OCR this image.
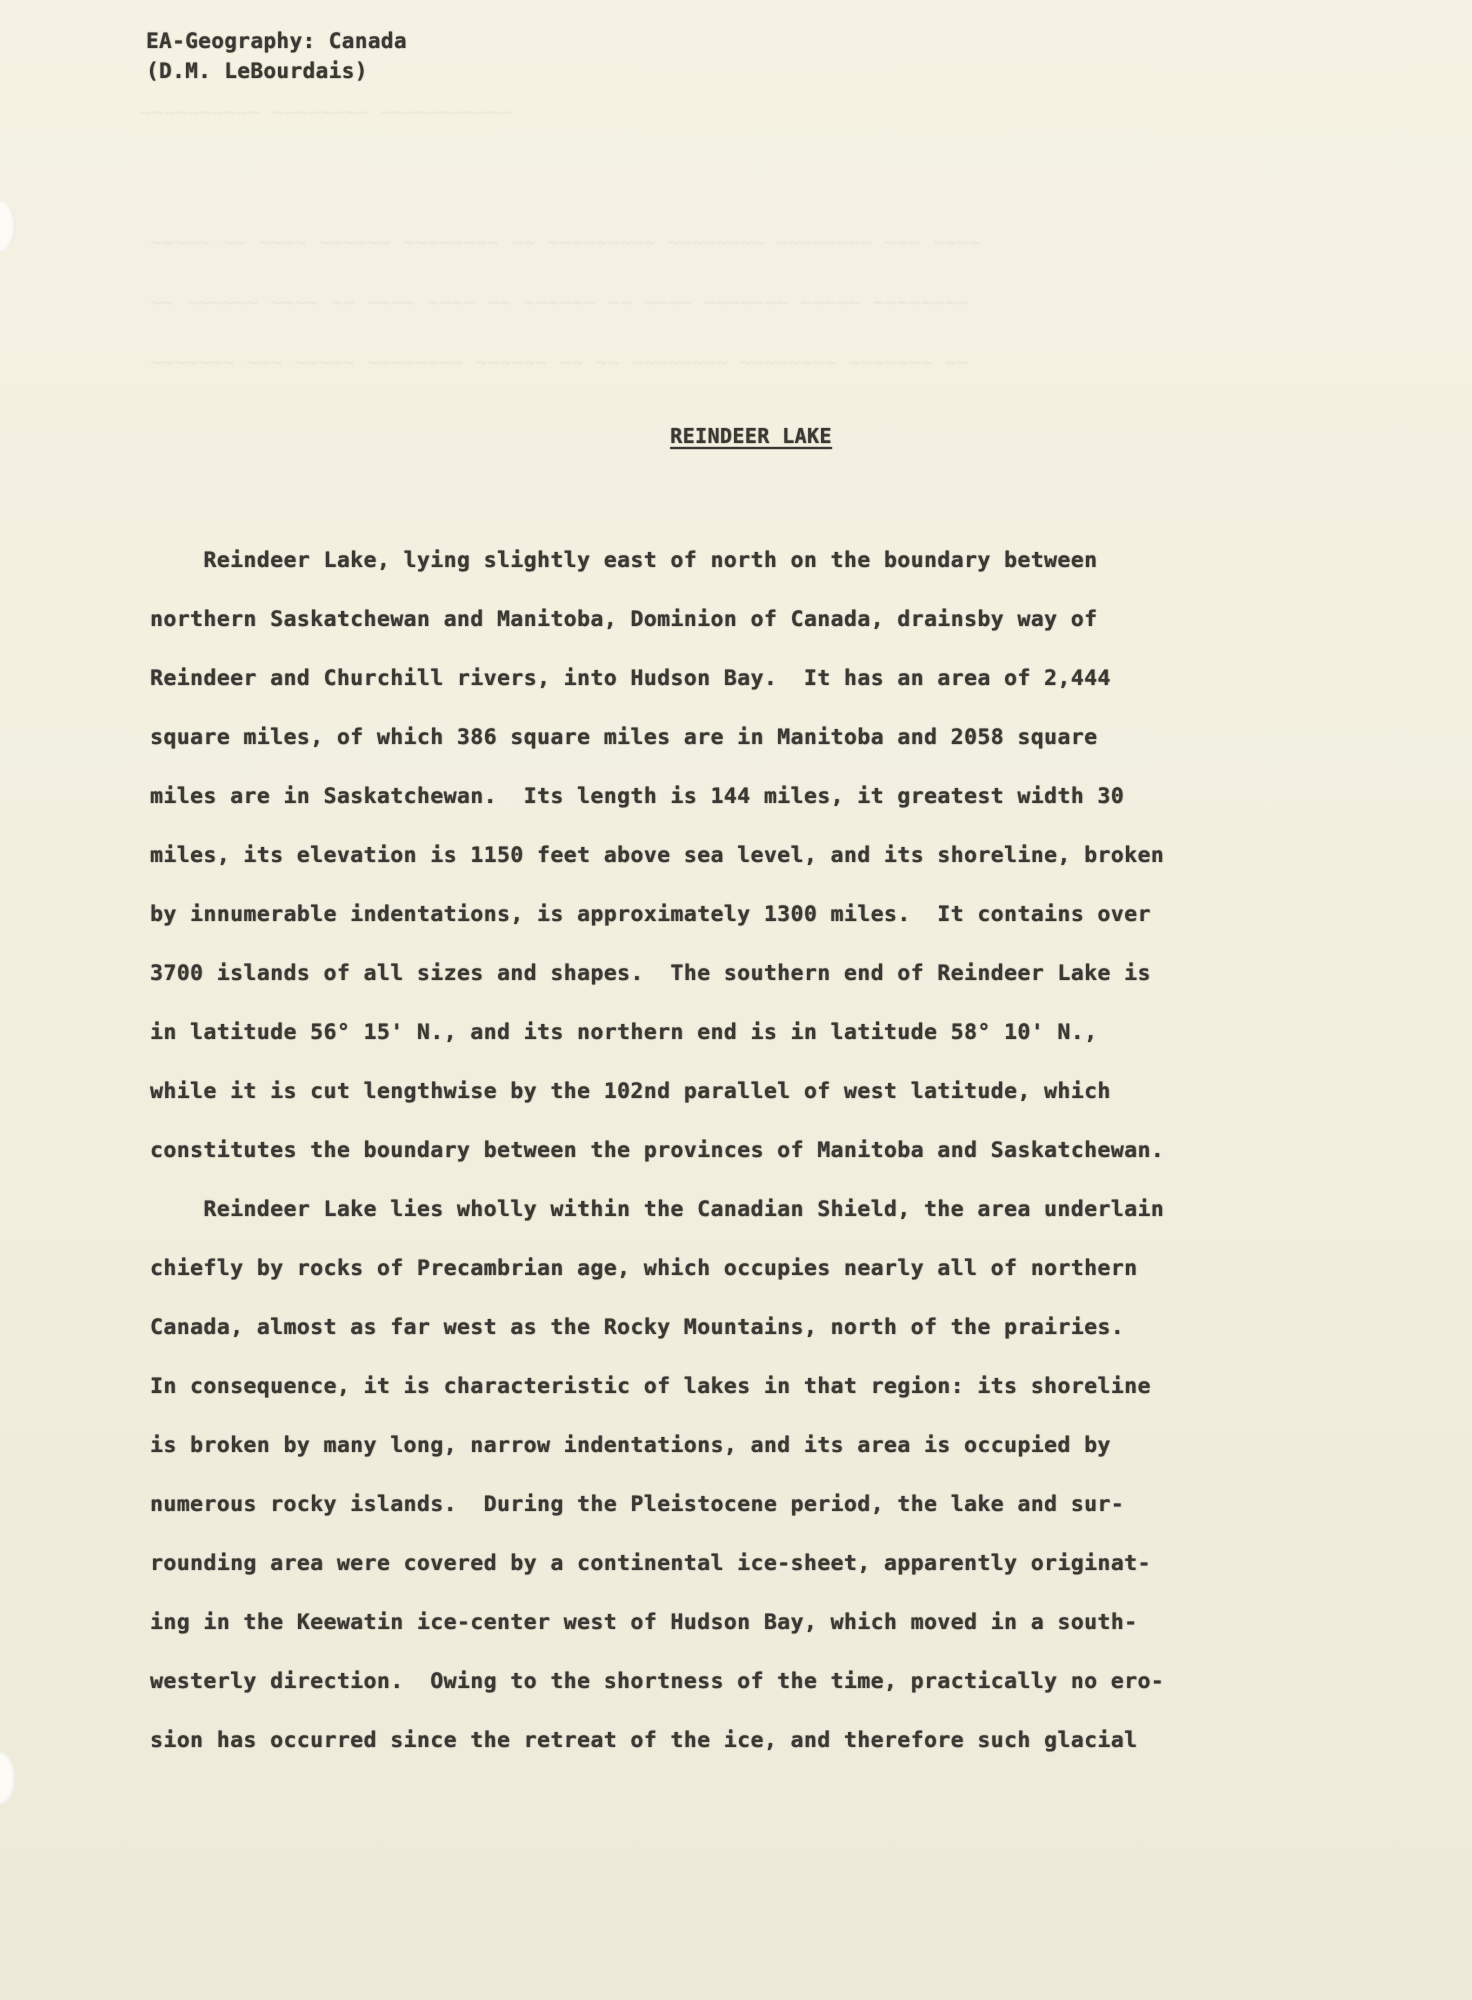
~~~~~~~~~~ ~~~~~~~~ ~~~~~~~~~~~
~~~~~ ~~ ~~~~ ~~~~~~ ~~~~~~~~ ~~ ~~~~~~~~~ ~~~~~~~~ ~~~~~~~~ ~~~ ~~~~
~~ ~~~~~~ ~~~~ ~~ ~~~~ ~~~~ ~~ ~~~~~~ ~~ ~~~~ ~~~~~~~ ~~~~~ ~~~~~~~~
~~~~~~~ ~~~ ~~~~~ ~~~~~~~~ ~~~~~~ ~~ ~~ ~~~~~~~~ ~~~~~~~~ ~~~~~~~ ~~
EA-Geography: Canada
(D.M. LeBourdais)
REINDEER LAKE
Reindeer Lake, lying slightly east of north on the boundary between
northern Saskatchewan and Manitoba, Dominion of Canada, drainsby way of
Reindeer and Churchill rivers, into Hudson Bay.  It has an area of 2,444
square miles, of which 386 square miles are in Manitoba and 2058 square
miles are in Saskatchewan.  Its length is 144 miles, it greatest width 30
miles, its elevation is 1150 feet above sea level, and its shoreline, broken
by innumerable indentations, is approximately 1300 miles.  It contains over
3700 islands of all sizes and shapes.  The southern end of Reindeer Lake is
in latitude 56° 15' N., and its northern end is in latitude 58° 10' N.,
while it is cut lengthwise by the 102nd parallel of west latitude, which
constitutes the boundary between the provinces of Manitoba and Saskatchewan.
Reindeer Lake lies wholly within the Canadian Shield, the area underlain
chiefly by rocks of Precambrian age, which occupies nearly all of northern
Canada, almost as far west as the Rocky Mountains, north of the prairies.
In consequence, it is characteristic of lakes in that region: its shoreline
is broken by many long, narrow indentations, and its area is occupied by
numerous rocky islands.  During the Pleistocene period, the lake and sur-
rounding area were covered by a continental ice-sheet, apparently originat-
ing in the Keewatin ice-center west of Hudson Bay, which moved in a south-
westerly direction.  Owing to the shortness of the time, practically no ero-
sion has occurred since the retreat of the ice, and therefore such glacial
